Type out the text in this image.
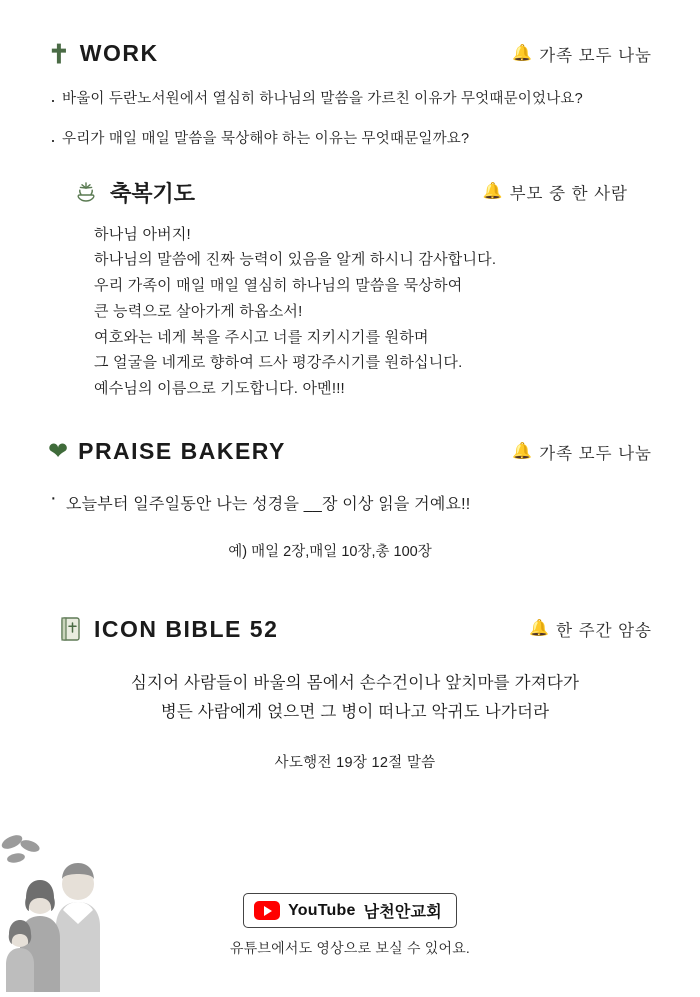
✝ WORK	🔔 가족 모두 나눔
· 바울이 두란노서원에서 열심히 하나님의 말씀을 가르친 이유가 무엇때문이었나요?
· 우리가 매일 매일 말씀을 묵상해야 하는 이유는 무엇때문일까요?
축복기도	🔔 부모 중 한 사람
하나님 아버지!
하나님의 말씀에 진짜 능력이 있음을 알게 하시니 감사합니다.
우리 가족이 매일 매일 열심히 하나님의 말씀을 묵상하여
큰 능력으로 살아가게 하옵소서!
여호와는 네게 복을 주시고 너를 지키시기를 원하며
그 얼굴을 네게로 향하여 드사 평강주시기를 원하십니다.
예수님의 이름으로 기도합니다. 아멘!!!
❤ PRAISE BAKERY	🔔 가족 모두 나눔
· 오늘부터 일주일동안 나는 성경을 __장 이상 읽을 거예요!!
예) 매일 2장,매일 10장,총 100장
ICON BIBLE 52	🔔 한 주간 암송
심지어 사람들이 바울의 몸에서 손수건이나 앞치마를 가져다가
병든 사람에게 얹으면 그 병이 떠나고 악귀도 나가더라
사도행전 19장 12절 말씀
YouTube 남천안교회
유튜브에서도 영상으로 보실 수 있어요.
